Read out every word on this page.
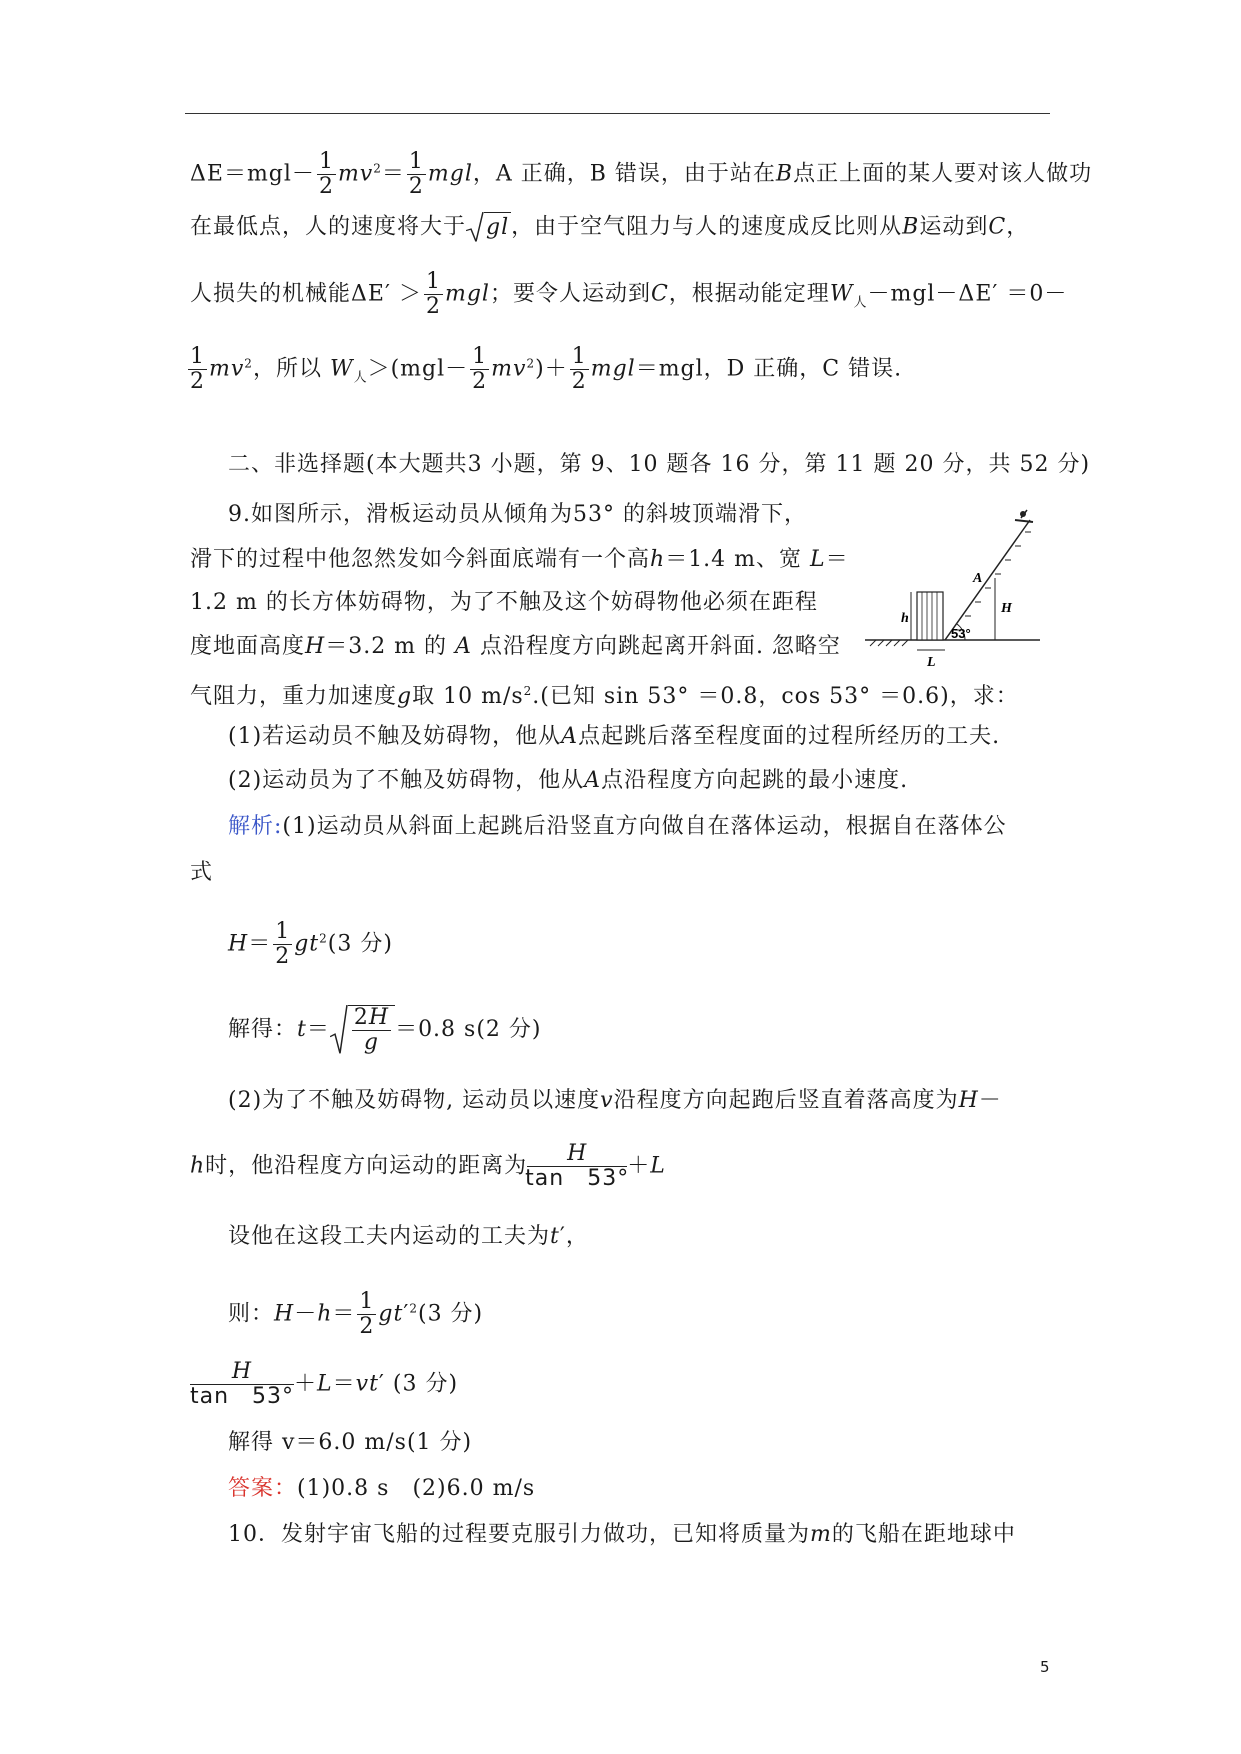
$\Delta E=mgl- \frac{1}{2} mv^2= \frac{1}{2}$ mgl，A 正确，B 错误，由于站在B点正上面的某人要对该人做功
在最低点，人的速度将大于 gl，由于空气阻力与人的速度成反比则从B运动到C，
人损失的机械能$\Delta E' > \frac{1}{2}$ mgl；要令人运动到C，根据动能定理$W_人-mgl-\Delta E' =0-$
$\frac{1}{2} mv^2$，所以 $W_人>(mgl- \frac{1}{2} mv^2)+ \frac{1}{2} mgl=mgl$，D 正确，C 错误.
二、非选择题(本大题共3 小题，第 9、10 题各 16 分，第 11 题 20 分，共 52 分)
9.如图所示，滑板运动员从倾角为53° 的斜坡顶端滑下，
滑下的过程中他忽然发如今斜面底端有一个高h＝1.4 m、宽 L＝
1.2 m 的长方体妨碍物，为了不触及这个妨碍物他必须在距程
度地面高度H＝3.2 m 的 A 点沿程度方向跳起离开斜面. 忽略空
气阻力，重力加速度g取 10 $m/s^2$.(已知 sin 53° ＝0.8，cos 53° ＝0.6)，求：
(1)若运动员不触及妨碍物，他从A点起跳后落至程度面的过程所经历的工夫.
(2)运动员为了不触及妨碍物，他从A点沿程度方向起跳的最小速度.
解析:(1)运动员从斜面上起跳后沿竖直方向做自在落体运动，根据自在落体公
式
$H= \frac{1}{2} gt^2(3$ 分)
解得：$t= \frac{2H}{g} =0.8$ s(2 分)
(2)为了不触及妨碍物, 运动员以速度v沿程度方向起跑后竖直着落高度为H－
h时，他沿程度方向运动的距离为 $\frac{H}{\tan 53^\circ} +L$
设他在这段工夫内运动的工夫为t′，
则：$H-h= \frac{1}{2} gt'^2(3$ 分)
$\frac{H}{\tan 53^\circ} +L=vt'$ (3 分)
解得 v＝6.0 m/s(1 分)
答案：(1)0.8 s　(2)6.0 m/s
10．发射宇宙飞船的过程要克服引力做功，已知将质量为m的飞船在距地球中
h
L
A
H
53°
5
